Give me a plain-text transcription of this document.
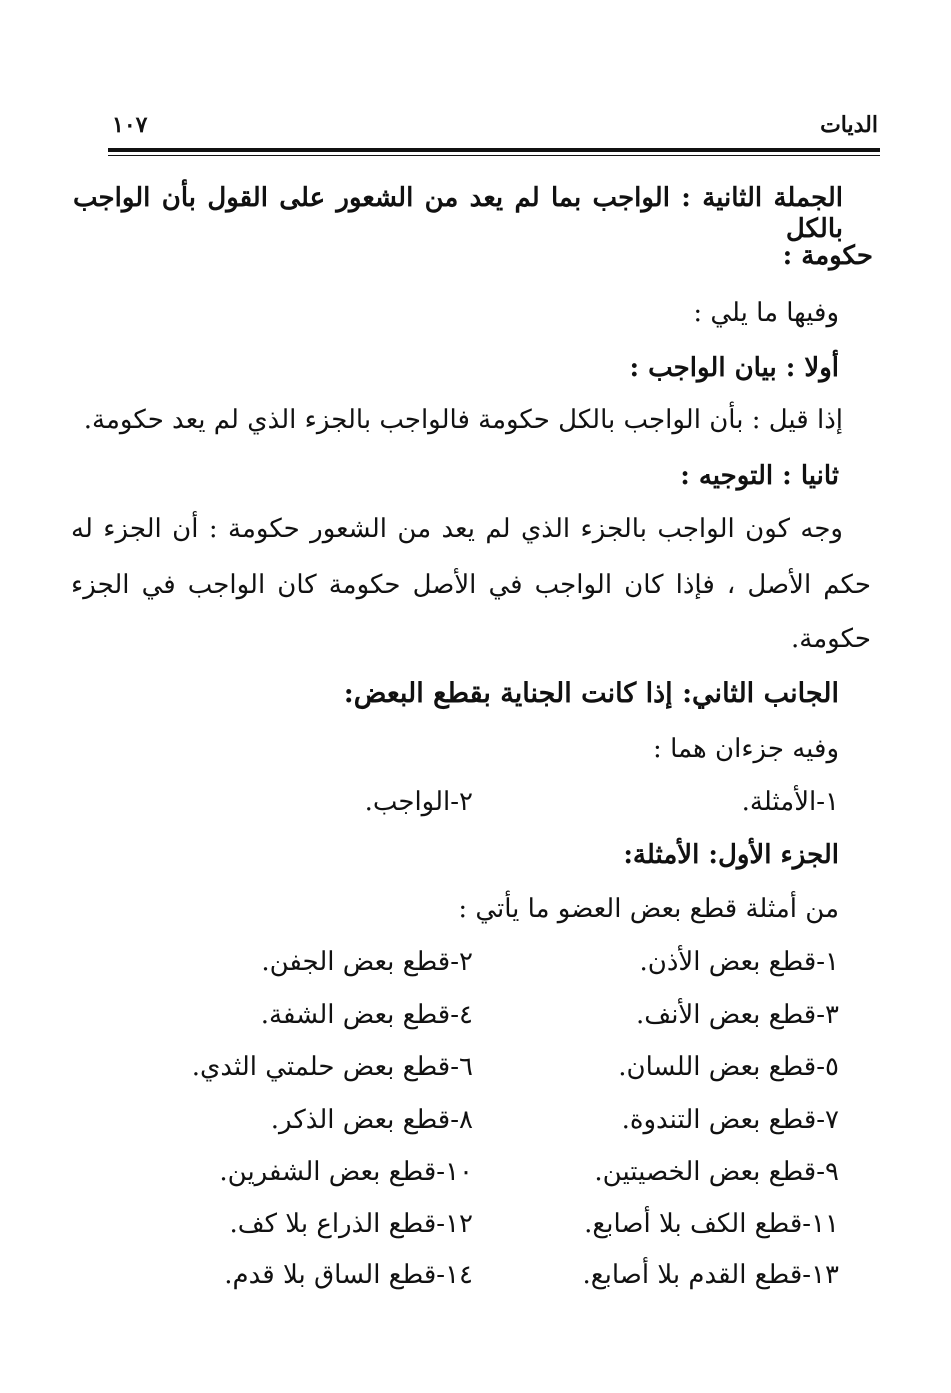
الديات
١٠٧
الجملة الثانية : الواجب بما لم يعد من الشعور على القول بأن الواجب بالكل
حكومة :
وفيها ما يلي :
أولا : بيان الواجب :
إذا قيل : بأن الواجب بالكل حكومة فالواجب بالجزء الذي لم يعد حكومة.
ثانيا : التوجيه :
وجه كون الواجب بالجزء الذي لم يعد من الشعور حكومة : أن الجزء له
حكم الأصل ، فإذا كان الواجب في الأصل حكومة كان الواجب في الجزء
حكومة.
الجانب الثاني: إذا كانت الجناية بقطع البعض:
وفيه جزءان هما :
١-الأمثلة.
٢-الواجب.
الجزء الأول: الأمثلة:
من أمثلة قطع بعض العضو ما يأتي :
١-قطع بعض الأذن.
٢-قطع بعض الجفن.
٣-قطع بعض الأنف.
٤-قطع بعض الشفة.
٥-قطع بعض اللسان.
٦-قطع بعض حلمتي الثدي.
٧-قطع بعض التندوة.
٨-قطع بعض الذكر.
٩-قطع بعض الخصيتين.
١٠-قطع بعض الشفرين.
١١-قطع الكف بلا أصابع.
١٢-قطع الذراع بلا كف.
١٣-قطع القدم بلا أصابع.
١٤-قطع الساق بلا قدم.
